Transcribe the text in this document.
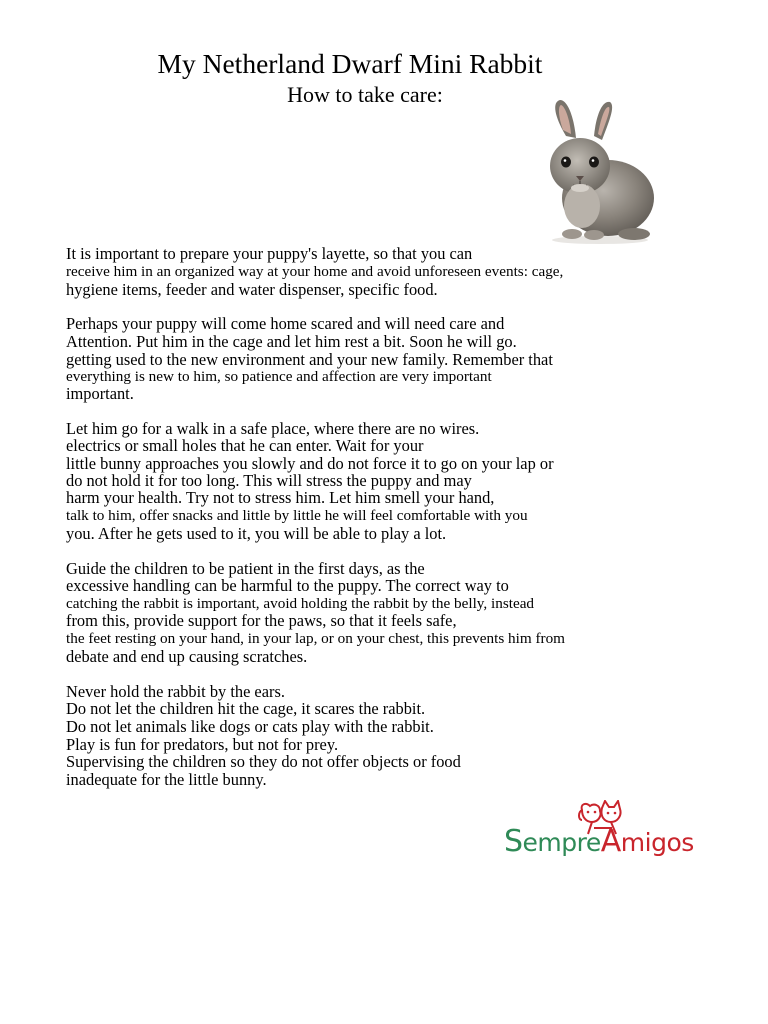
My Netherland Dwarf Mini Rabbit
How to take care:
It is important to prepare your puppy's layette, so that you can
receive him in an organized way at your home and avoid unforeseen events: cage,
hygiene items, feeder and water dispenser, specific food.
Perhaps your puppy will come home scared and will need care and
Attention. Put him in the cage and let him rest a bit. Soon he will go.
getting used to the new environment and your new family. Remember that
everything is new to him, so patience and affection are very important
important.
Let him go for a walk in a safe place, where there are no wires.
electrics or small holes that he can enter. Wait for your
little bunny approaches you slowly and do not force it to go on your lap or
do not hold it for too long. This will stress the puppy and may
harm your health. Try not to stress him. Let him smell your hand,
talk to him, offer snacks and little by little he will feel comfortable with you
you. After he gets used to it, you will be able to play a lot.
Guide the children to be patient in the first days, as the
excessive handling can be harmful to the puppy. The correct way to
catching the rabbit is important, avoid holding the rabbit by the belly, instead
from this, provide support for the paws, so that it feels safe,
the feet resting on your hand, in your lap, or on your chest, this prevents him from
debate and end up causing scratches.
Never hold the rabbit by the ears.
Do not let the children hit the cage, it scares the rabbit.
Do not let animals like dogs or cats play with the rabbit.
Play is fun for predators, but not for prey.
Supervising the children so they do not offer objects or food
inadequate for the little bunny.
SempreAmigos
